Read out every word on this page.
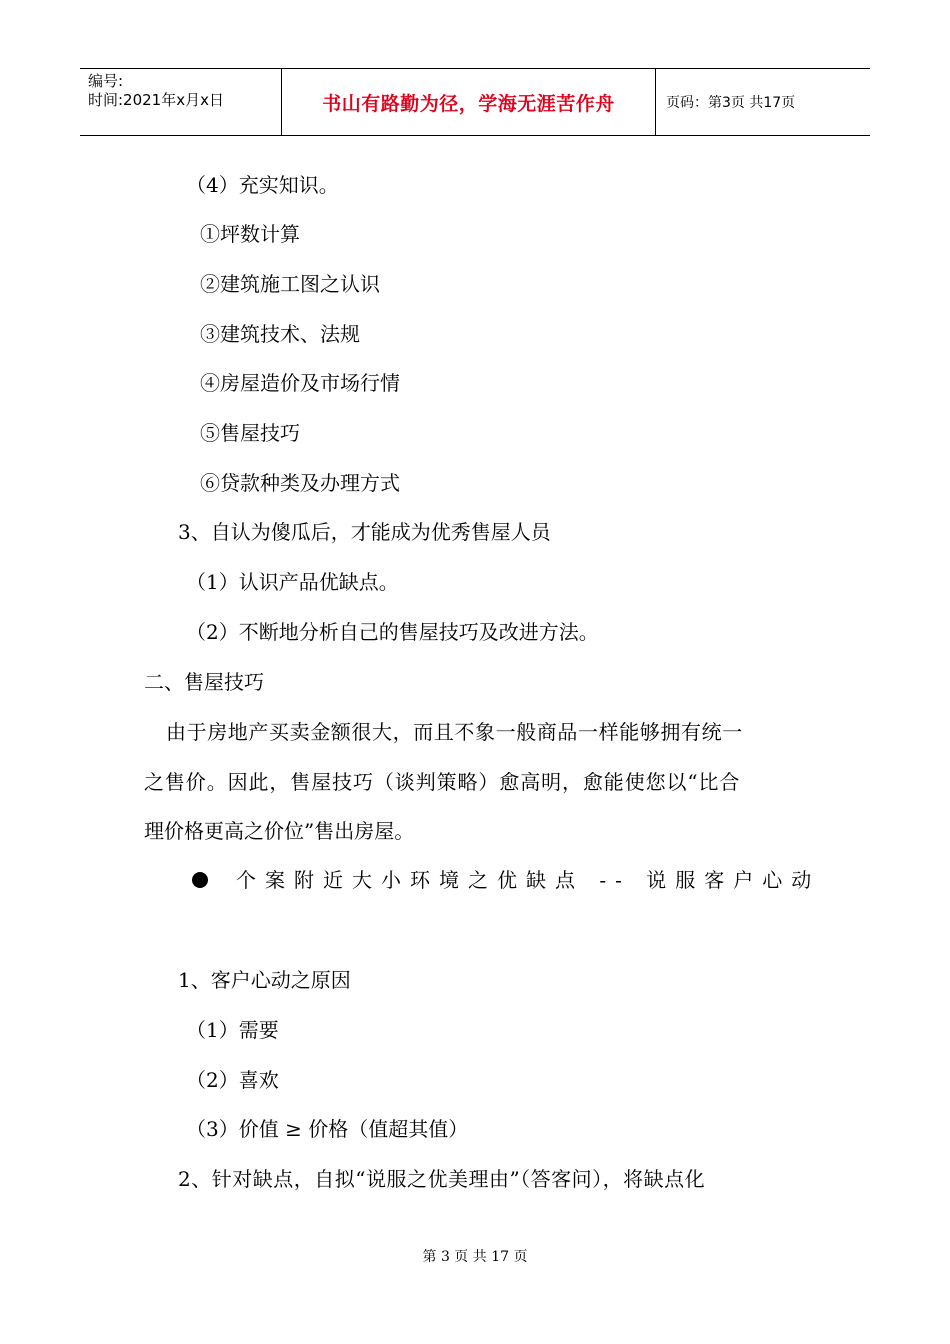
编号:
时间:2021年x月x日	书山有路勤为径，学海无涯苦作舟	页码：第3页 共17页
（4）充实知识。
①坪数计算
②建筑施工图之认识
③建筑技术、法规
④房屋造价及市场行情
⑤售屋技巧
⑥贷款种类及办理方式
3、自认为傻瓜后，才能成为优秀售屋人员
（1）认识产品优缺点。
（2）不断地分析自己的售屋技巧及改进方法。
二、售屋技巧
由于房地产买卖金额很大，而且不象一般商品一样能够拥有统一
之售价。因此，售屋技巧（谈判策略）愈高明，愈能使您以“比合
理价格更高之价位”售出房屋。
个案附近大小环境之优缺点 -- 说服客户心动
1、客户心动之原因
（1）需要
（2）喜欢
（3）价值 ≥ 价格（值超其值）
2、针对缺点，自拟“说服之优美理由”（答客问），将缺点化
第 3 页 共 17 页
